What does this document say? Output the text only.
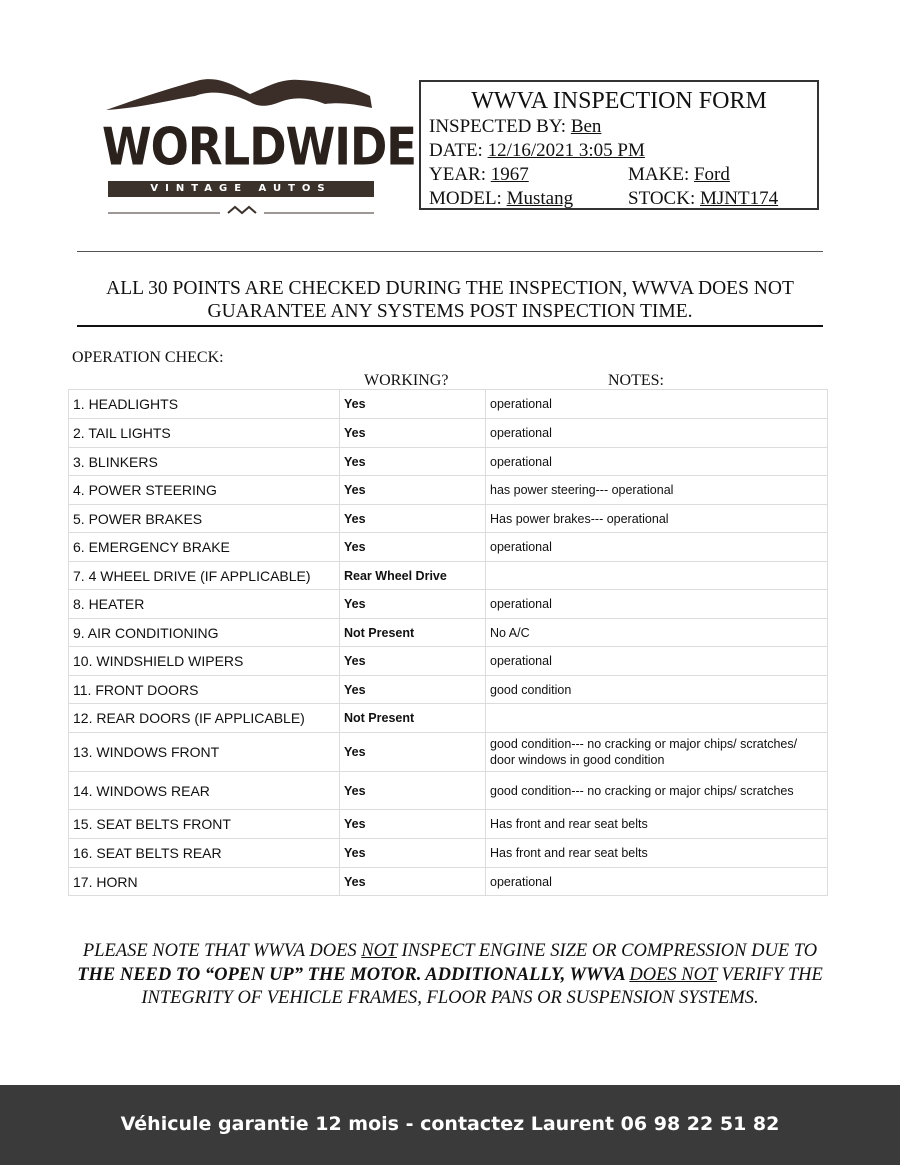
WORLDWIDE
VINTAGE AUTOS
WWVA INSPECTION FORM
INSPECTED BY: Ben
DATE: 12/16/2021 3:05 PM
YEAR: 1967	MAKE: Ford
MODEL: Mustang	STOCK: MJNT174
ALL 30 POINTS ARE CHECKED DURING THE INSPECTION, WWVA DOES NOT
GUARANTEE ANY SYSTEMS POST INSPECTION TIME.
OPERATION CHECK:
WORKING?	NOTES:
1. HEADLIGHTS	Yes	operational
2. TAIL LIGHTS	Yes	operational
3. BLINKERS	Yes	operational
4. POWER STEERING	Yes	has power steering--- operational
5. POWER BRAKES	Yes	Has power brakes--- operational
6. EMERGENCY BRAKE	Yes	operational
7. 4 WHEEL DRIVE (IF APPLICABLE)	Rear Wheel Drive	
8. HEATER	Yes	operational
9. AIR CONDITIONING	Not Present	No A/C
10. WINDSHIELD WIPERS	Yes	operational
11. FRONT DOORS	Yes	good condition
12. REAR DOORS (IF APPLICABLE)	Not Present	
13. WINDOWS FRONT	Yes	good condition--- no cracking or major chips/ scratches/ door windows in good condition
14. WINDOWS REAR	Yes	good condition--- no cracking or major chips/ scratches
15. SEAT BELTS FRONT	Yes	Has front and rear seat belts
16. SEAT BELTS REAR	Yes	Has front and rear seat belts
17. HORN	Yes	operational
PLEASE NOTE THAT WWVA DOES NOT INSPECT ENGINE SIZE OR COMPRESSION DUE TO THE NEED TO “OPEN UP” THE MOTOR. ADDITIONALLY, WWVA DOES NOT VERIFY THE INTEGRITY OF VEHICLE FRAMES, FLOOR PANS OR SUSPENSION SYSTEMS.
Véhicule garantie 12 mois - contactez Laurent 06 98 22 51 82
